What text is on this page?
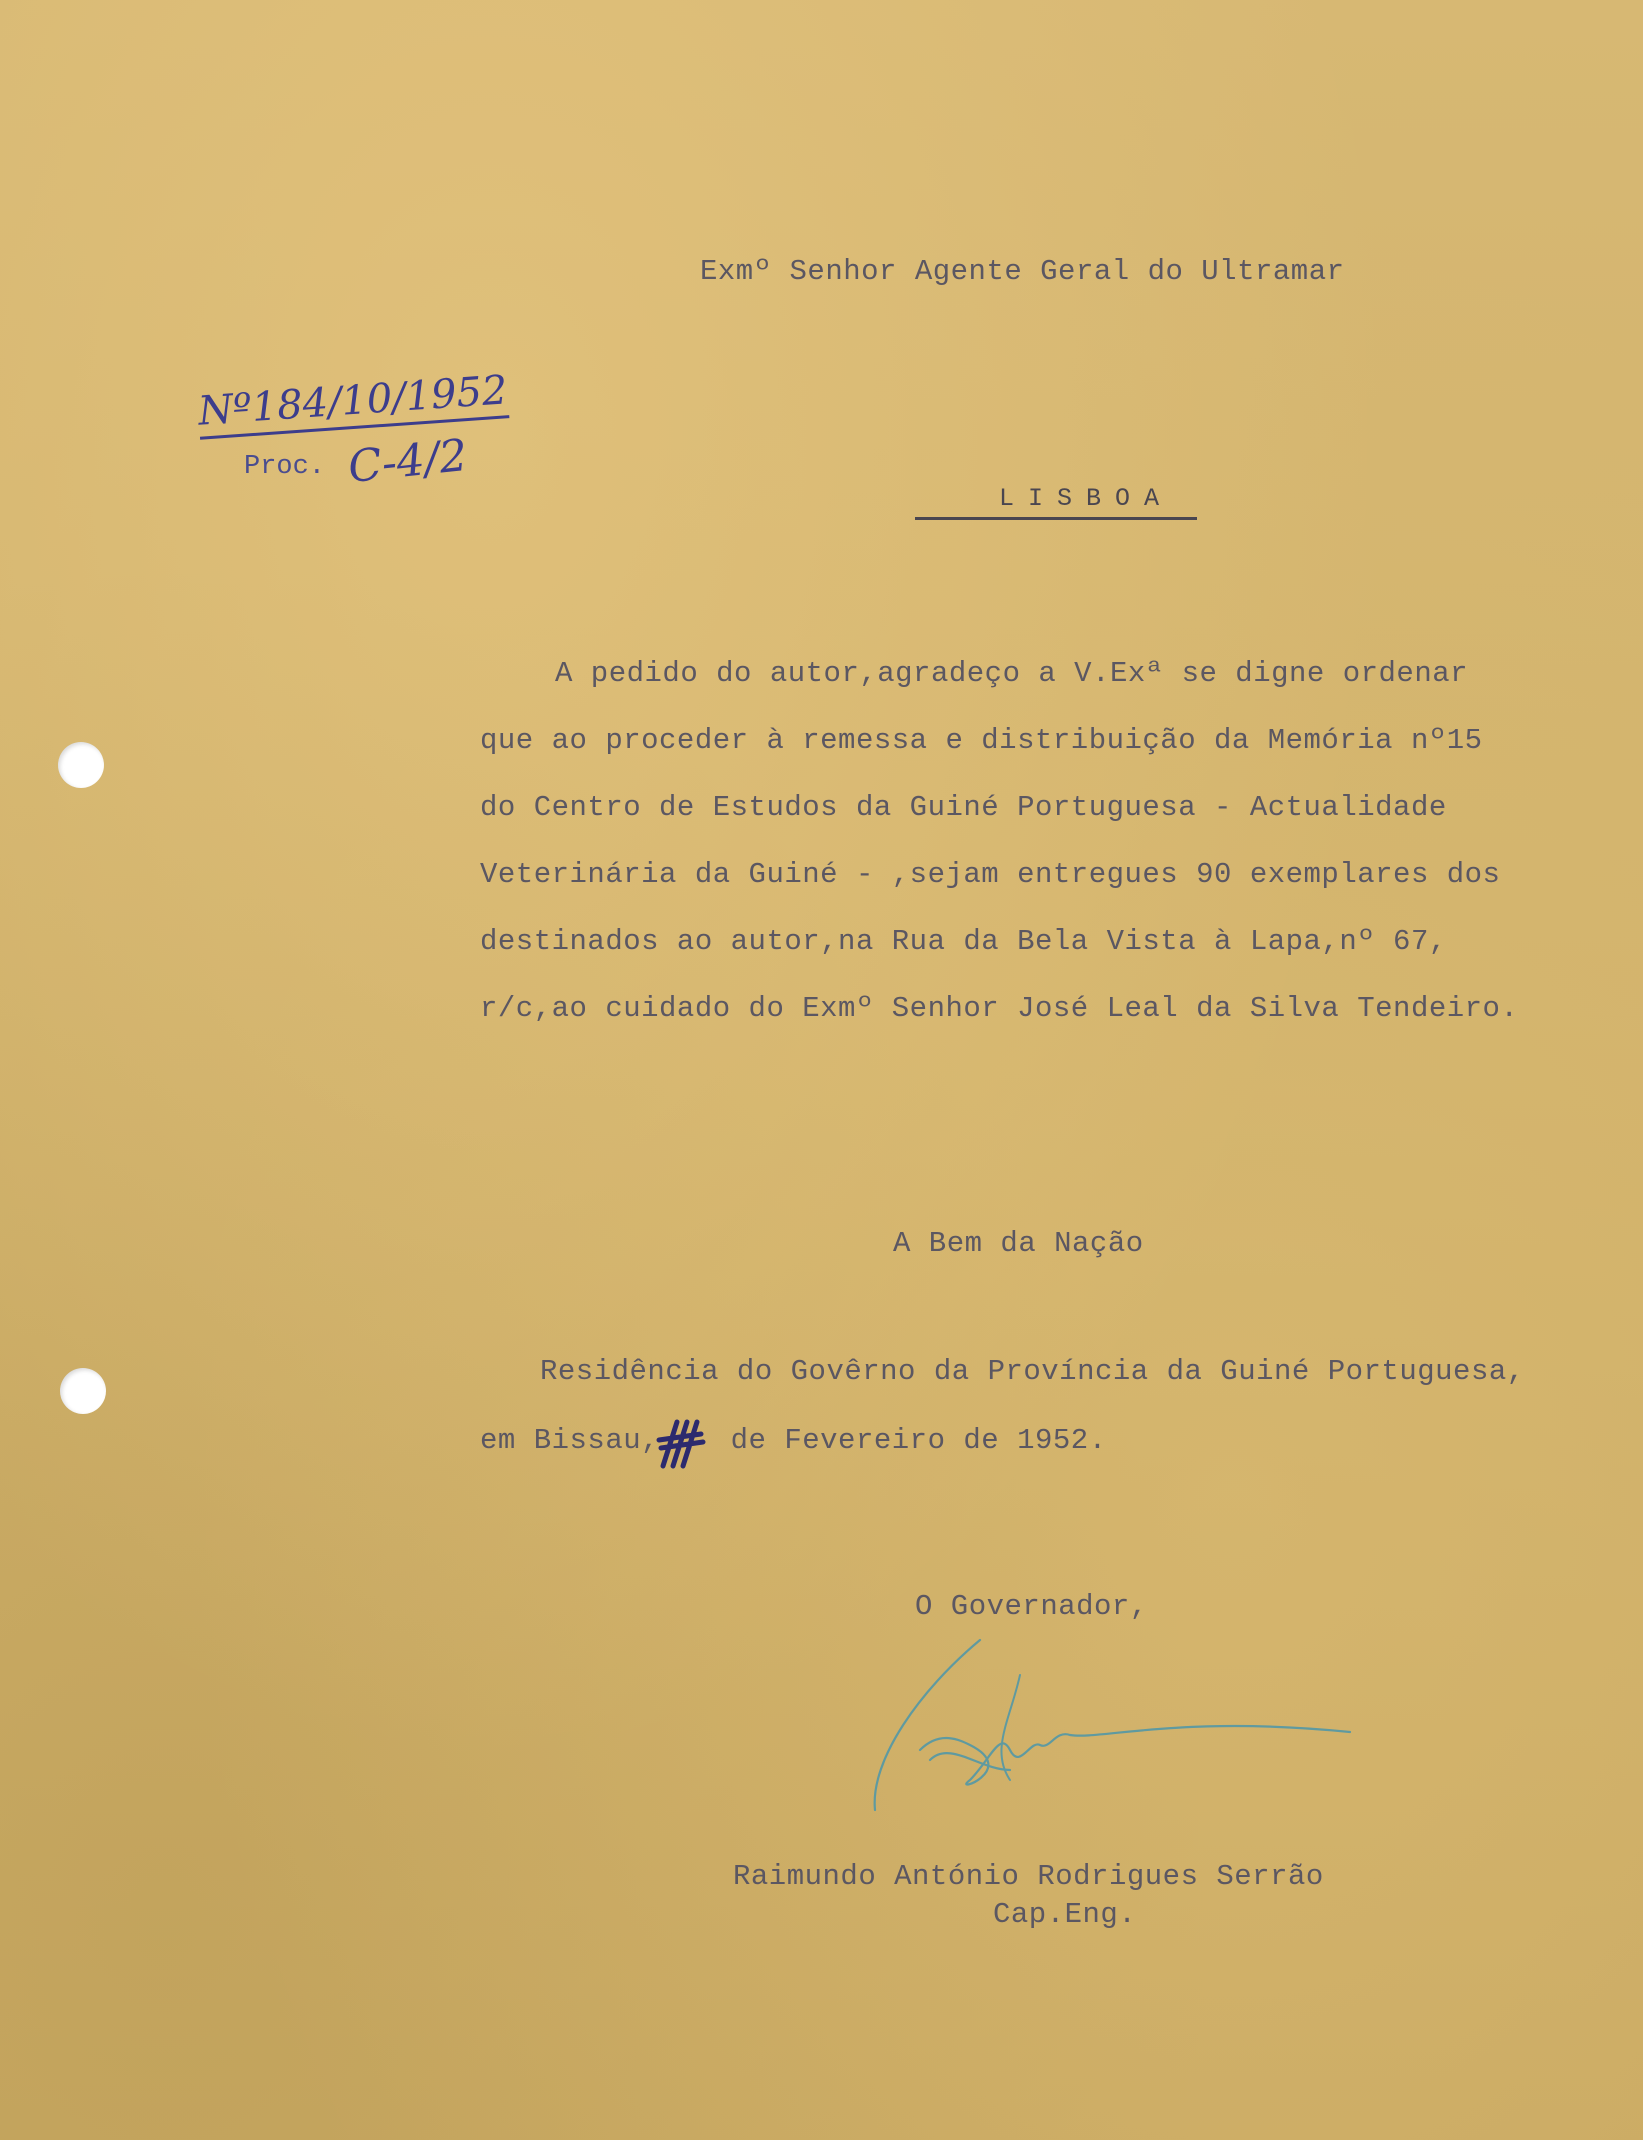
Exmº Senhor Agente Geral do Ultramar
Nº184/10/1952
Proc. C-4/2
LISBOA
A pedido do autor,agradeço a V.Exª se digne ordenar
que ao proceder à remessa e distribuição da Memória nº15
do Centro de Estudos da Guiné Portuguesa - Actualidade
Veterinária da Guiné - ,sejam entregues 90 exemplares dos
destinados ao autor,na Rua da Bela Vista à Lapa,nº 67,
r/c,ao cuidado do Exmº Senhor José Leal da Silva Tendeiro.
A Bem da Nação
Residência do Govêrno da Província da Guiné Portuguesa,
em Bissau,    de Fevereiro de 1952.
O Governador,
Raimundo António Rodrigues Serrão
Cap.Eng.
